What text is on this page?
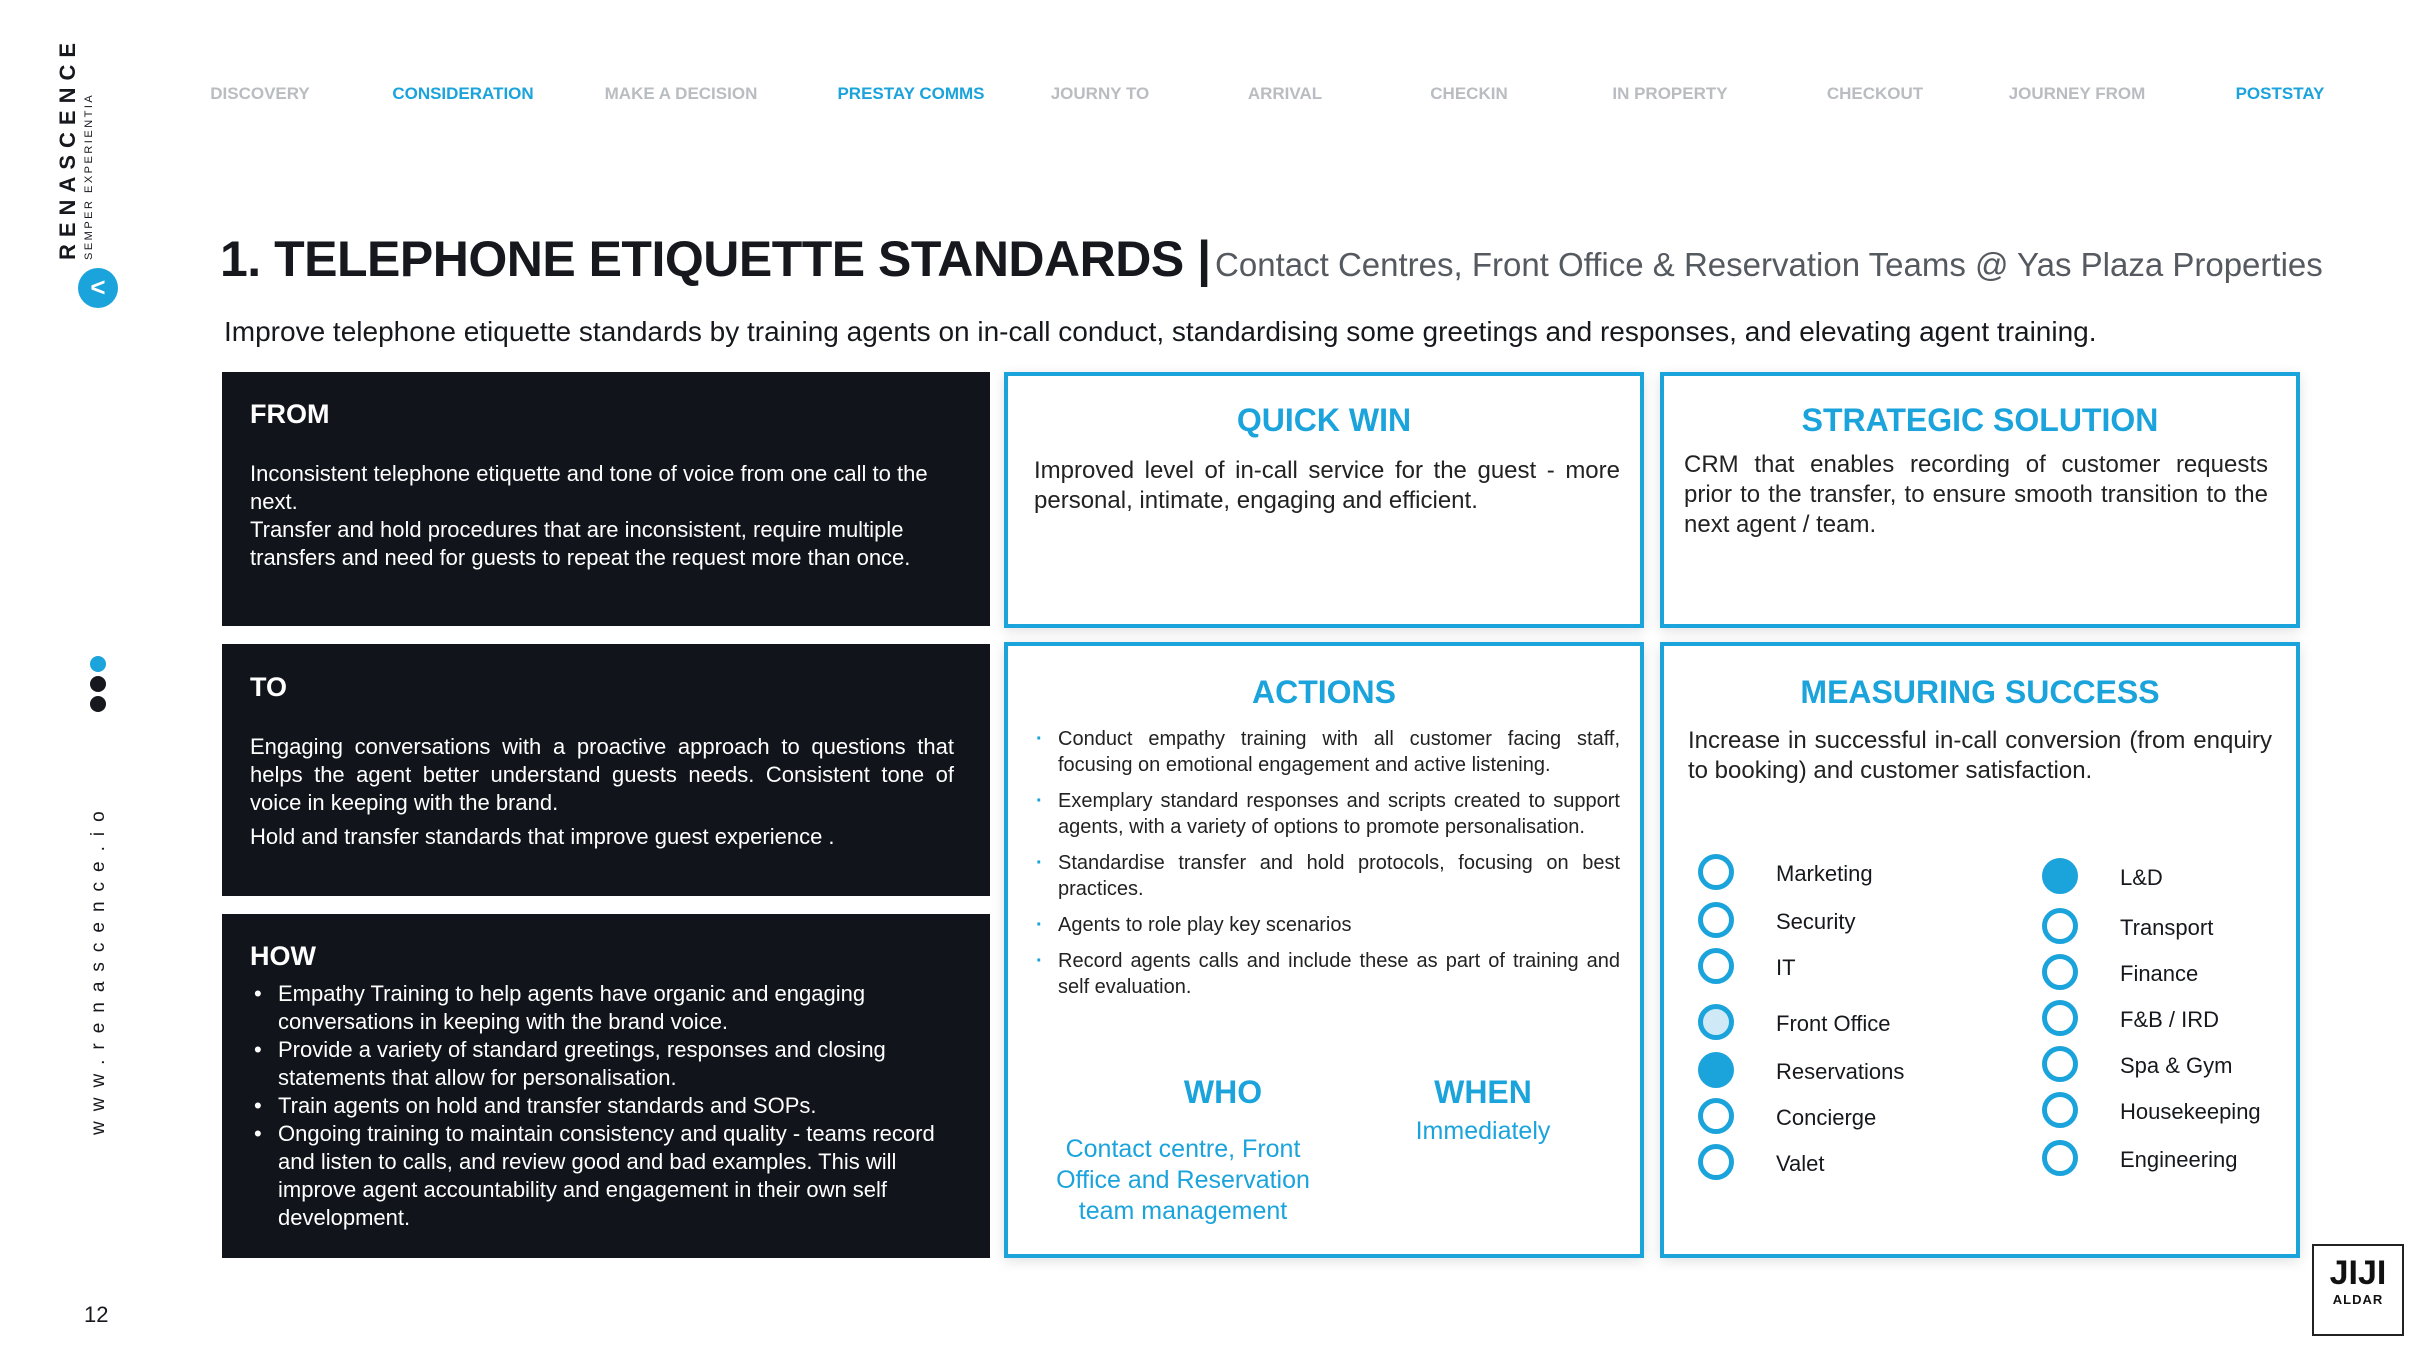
RENASCENCE SEMPER EXPERIENTIA
<
www.renascence.io
12
DISCOVERY	CONSIDERATION	MAKE A DECISION	PRESTAY COMMS	JOURNY TO	ARRIVAL	CHECKIN	IN PROPERTY	CHECKOUT	JOURNEY FROM	POSTSTAY
1. TELEPHONE ETIQUETTE STANDARDS | Contact Centres, Front Office & Reservation Teams @ Yas Plaza Properties
Improve telephone etiquette standards by training agents on in-call conduct, standardising some greetings and responses, and elevating agent training.
FROM

Inconsistent telephone etiquette and tone of voice from one call to the next.

Transfer and hold procedures that are inconsistent, require multiple transfers and need for guests to repeat the request more than once.

TO

Engaging conversations with a proactive approach to questions that helps the agent better understand guests needs. Consistent tone of voice in keeping with the brand.

Hold and transfer standards that improve guest experience .

HOW
• Empathy Training to help agents have organic and engaging conversations in keeping with the brand voice.
• Provide a variety of standard greetings, responses and closing statements that allow for personalisation.
• Train agents on hold and transfer standards and SOPs.
• Ongoing training to maintain consistency and quality - teams record and listen to calls, and review good and bad examples. This will improve agent accountability and engagement in their own self development.
QUICK WIN
Improved level of in-call service for the guest - more personal, intimate, engaging and efficient.
STRATEGIC SOLUTION
CRM that enables recording of customer requests prior to the transfer, to ensure smooth transition to the next agent / team.
ACTIONS
· Conduct empathy training with all customer facing staff, focusing on emotional engagement and active listening.
· Exemplary standard responses and scripts created to support agents, with a variety of options to promote personalisation.
· Standardise transfer and hold protocols, focusing on best practices.
· Agents to role play key scenarios
· Record agents calls and include these as part of training and self evaluation.
WHO
Contact centre, Front Office and Reservation team management
WHEN
Immediately
MEASURING SUCCESS
Increase in successful in-call conversion (from enquiry to booking) and customer satisfaction.
Marketing
Security
IT
Front Office
Reservations
Concierge
Valet
L&D
Transport
Finance
F&B / IRD
Spa & Gym
Housekeeping
Engineering
JIJI
ALDAR
